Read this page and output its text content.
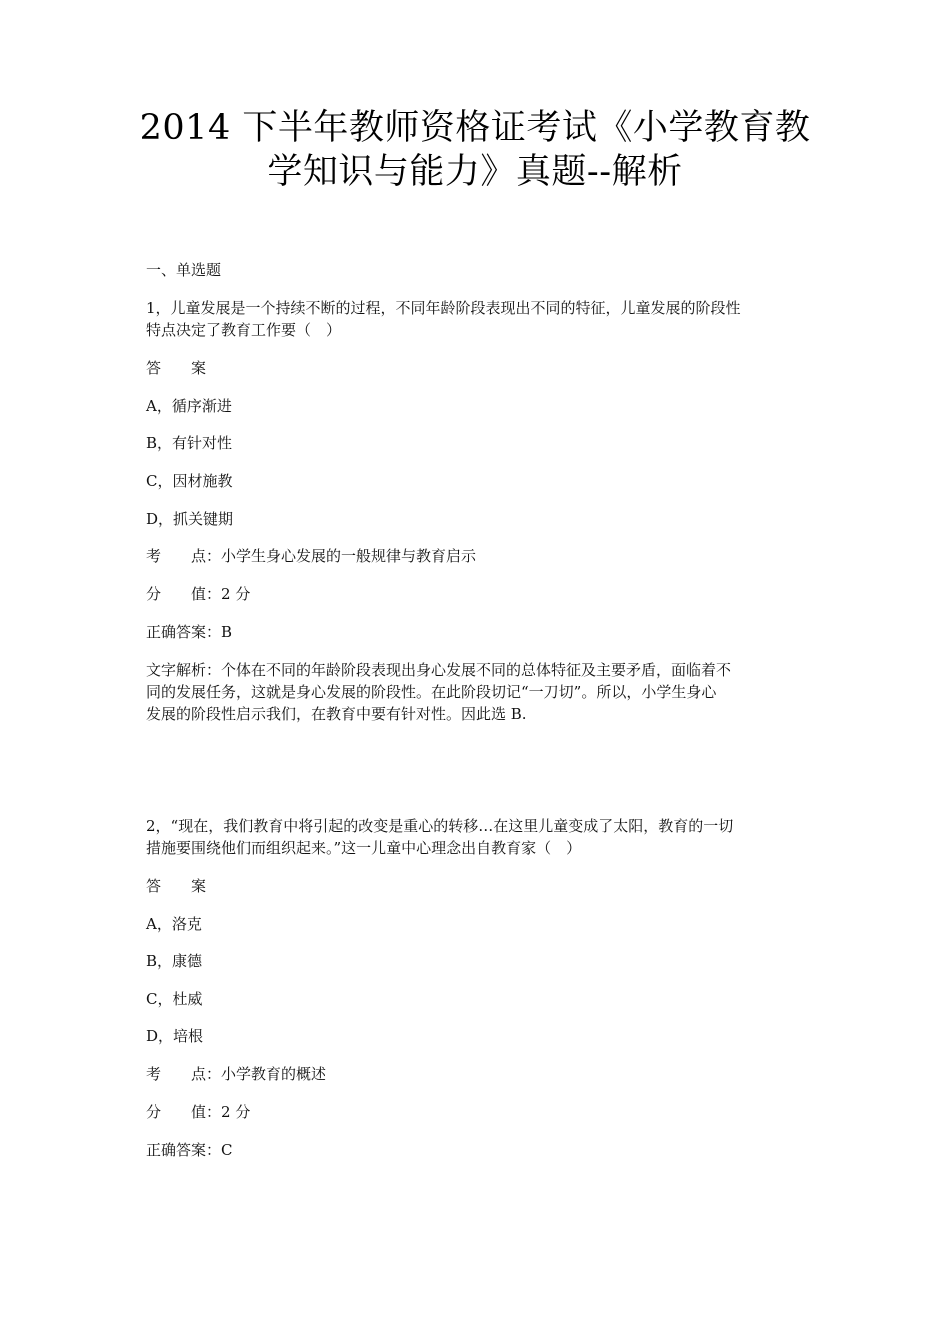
2014 下半年教师资格证考试《小学教育教
学知识与能力》真题--解析
一、单选题
1，儿童发展是一个持续不断的过程，不同年龄阶段表现出不同的特征，儿童发展的阶段性
特点决定了教育工作要（　）
答 案
A，循序渐进
B，有针对性
C，因材施教
D，抓关键期
考 点：小学生身心发展的一般规律与教育启示
分 值：2 分
正确答案：B
文字解析：个体在不同的年龄阶段表现出身心发展不同的总体特征及主要矛盾，面临着不
同的发展任务，这就是身心发展的阶段性。在此阶段切记“一刀切”。所以，小学生身心
发展的阶段性启示我们，在教育中要有针对性。因此选 B.
2，“现在，我们教育中将引起的改变是重心的转移…在这里儿童变成了太阳，教育的一切
措施要围绕他们而组织起来。”这一儿童中心理念出自教育家（　）
答 案
A，洛克
B，康德
C，杜威
D，培根
考 点：小学教育的概述
分 值：2 分
正确答案：C
